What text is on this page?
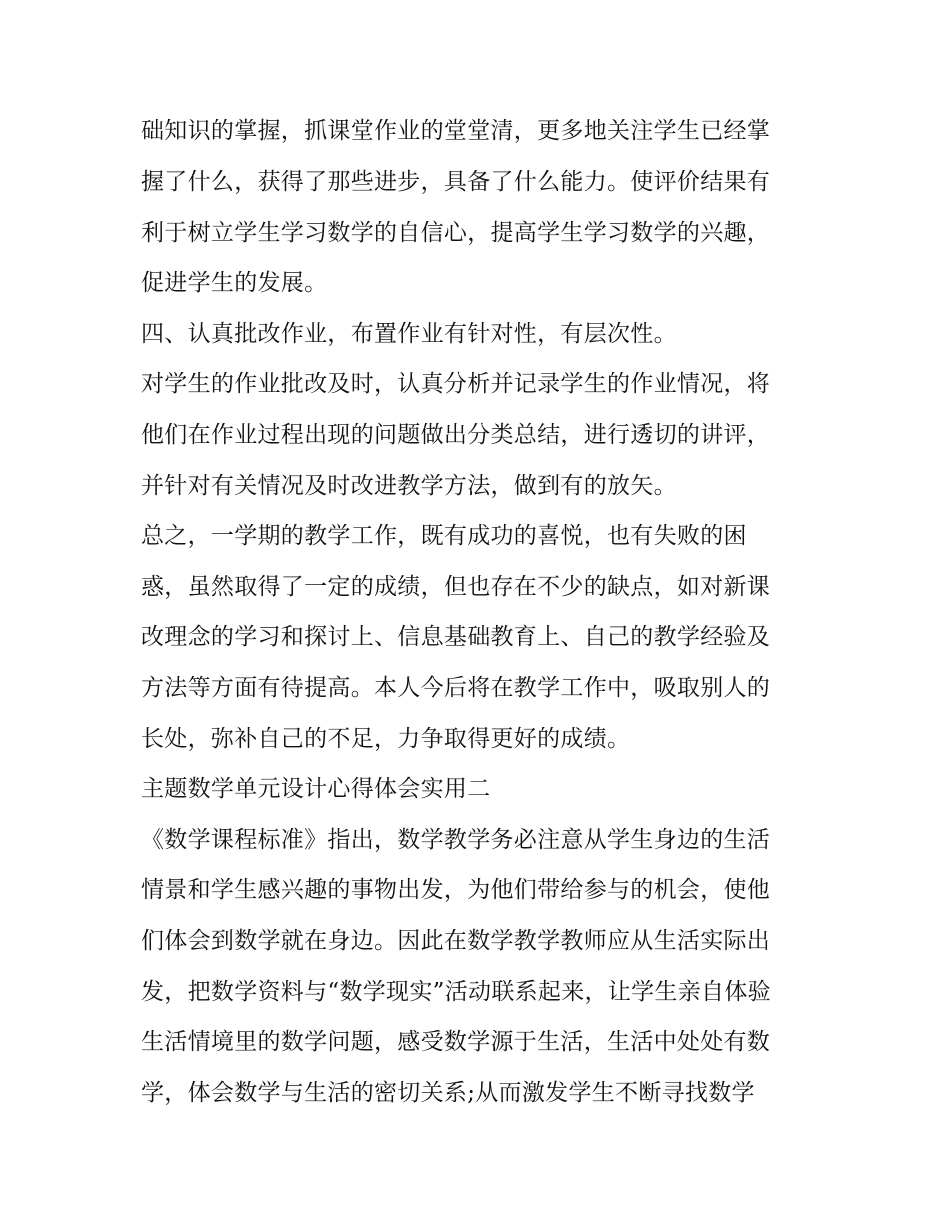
础知识的掌握，抓课堂作业的堂堂清，更多地关注学生已经掌

握了什么，获得了那些进步，具备了什么能力。使评价结果有

利于树立学生学习数学的自信心，提高学生学习数学的兴趣，

促进学生的发展。

四、认真批改作业，布置作业有针对性，有层次性。

对学生的作业批改及时，认真分析并记录学生的作业情况，将

他们在作业过程出现的问题做出分类总结，进行透切的讲评，

并针对有关情况及时改进教学方法，做到有的放矢。

总之，一学期的教学工作，既有成功的喜悦，也有失败的困

惑，虽然取得了一定的成绩，但也存在不少的缺点，如对新课

改理念的学习和探讨上、信息基础教育上、自己的教学经验及

方法等方面有待提高。本人今后将在教学工作中，吸取别人的

长处，弥补自己的不足，力争取得更好的成绩。

主题数学单元设计心得体会实用二

《数学课程标准》指出，数学教学务必注意从学生身边的生活

情景和学生感兴趣的事物出发，为他们带给参与的机会，使他

们体会到数学就在身边。因此在数学教学教师应从生活实际出

发，把数学资料与“数学现实”活动联系起来，让学生亲自体验

生活情境里的数学问题，感受数学源于生活，生活中处处有数

学，体会数学与生活的密切关系;从而激发学生不断寻找数学
